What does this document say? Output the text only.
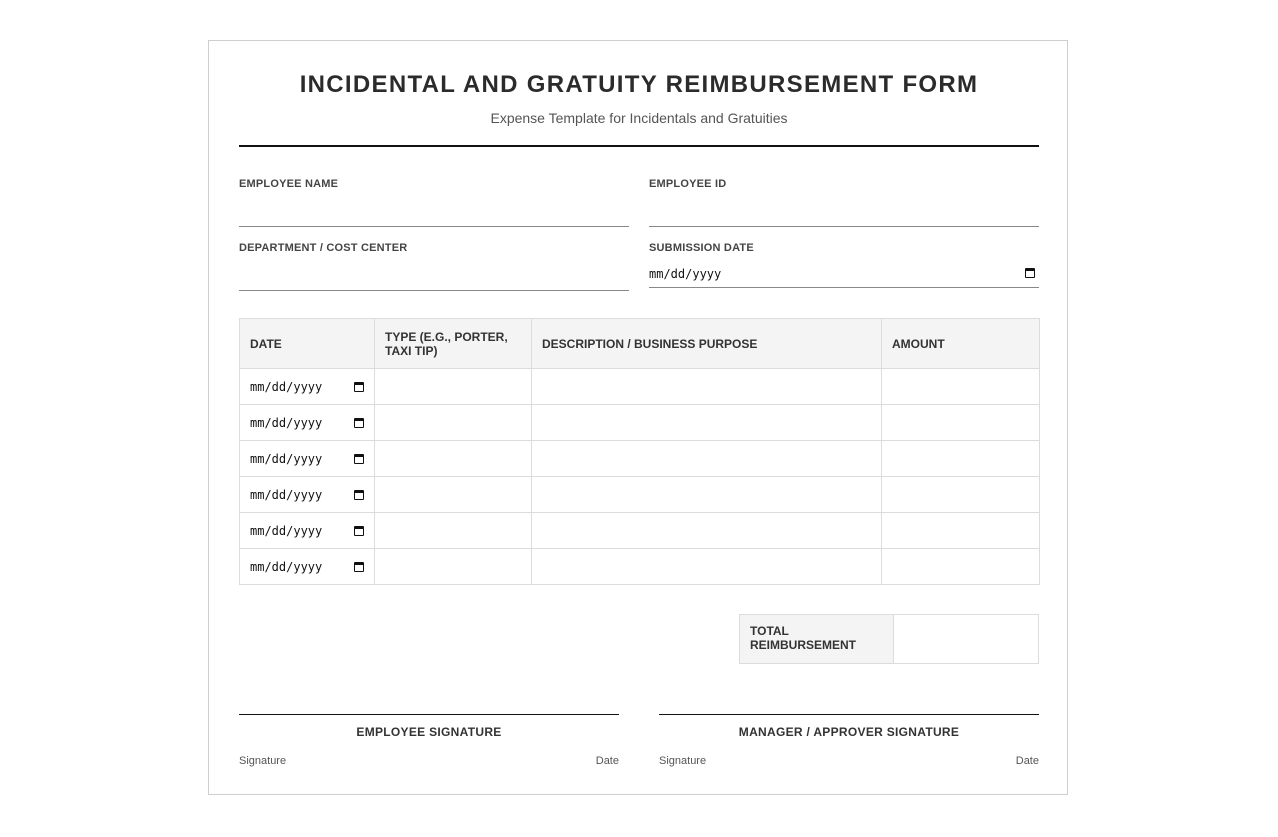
INCIDENTAL AND GRATUITY REIMBURSEMENT FORM
Expense Template for Incidentals and Gratuities
EMPLOYEE NAME	EMPLOYEE ID
DEPARTMENT / COST CENTER	SUBMISSION DATE
mm/dd/yyyy
DATE	TYPE (E.G., PORTER, TAXI TIP)	DESCRIPTION / BUSINESS PURPOSE	AMOUNT

mm/dd/yyyy			

mm/dd/yyyy			

mm/dd/yyyy			

mm/dd/yyyy			

mm/dd/yyyy			

mm/dd/yyyy			

TOTAL REIMBURSEMENT
EMPLOYEE SIGNATURE
Signature	Date
MANAGER / APPROVER SIGNATURE
Signature	Date
